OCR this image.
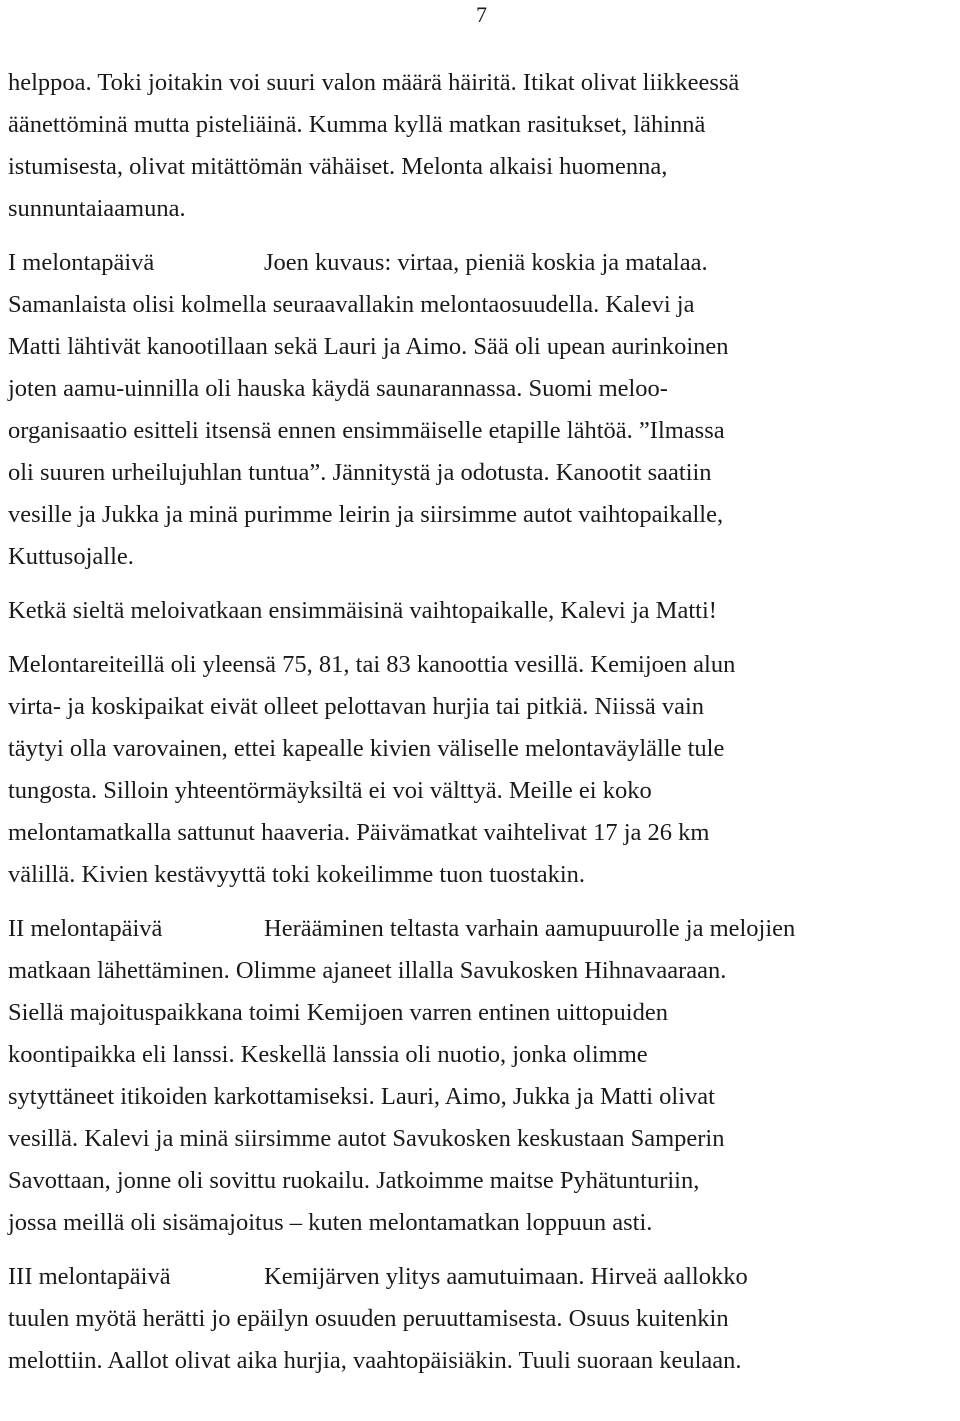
7
helppoa. Toki joitakin voi suuri valon määrä häiritä. Itikat olivat liikkeessä
äänettöminä mutta pisteliäinä. Kumma kyllä matkan rasitukset, lähinnä
istumisesta, olivat mitättömän vähäiset. Melonta alkaisi huomenna,
sunnuntaiaamuna.
I melontapäivä	Joen kuvaus: virtaa, pieniä koskia ja matalaa.
Samanlaista olisi kolmella seuraavallakin melontaosuudella. Kalevi ja
Matti lähtivät kanootillaan sekä Lauri ja Aimo. Sää oli upean aurinkoinen
joten aamu-uinnilla oli hauska käydä saunarannassa. Suomi meloo-
organisaatio esitteli itsensä ennen ensimmäiselle etapille lähtöä. ”Ilmassa
oli suuren urheilujuhlan tuntua”. Jännitystä ja odotusta. Kanootit saatiin
vesille ja Jukka ja minä purimme leirin ja siirsimme autot vaihtopaikalle,
Kuttusojalle.
Ketkä sieltä meloivatkaan ensimmäisinä vaihtopaikalle, Kalevi ja Matti!
Melontareiteillä oli yleensä 75, 81, tai 83 kanoottia vesillä. Kemijoen alun
virta- ja koskipaikat eivät olleet pelottavan hurjia tai pitkiä. Niissä vain
täytyi olla varovainen, ettei kapealle kivien väliselle melontaväylälle tule
tungosta. Silloin yhteentörmäyksiltä ei voi välttyä. Meille ei koko
melontamatkalla sattunut haaveria. Päivämatkat vaihtelivat 17 ja 26 km
välillä. Kivien kestävyyttä toki kokeilimme tuon tuostakin.
II melontapäivä	Herääminen teltasta varhain aamupuurolle ja melojien
matkaan lähettäminen. Olimme ajaneet illalla Savukosken Hihnavaaraan.
Siellä majoituspaikkana toimi Kemijoen varren entinen uittopuiden
koontipaikka eli lanssi. Keskellä lanssia oli nuotio, jonka olimme
sytyttäneet itikoiden karkottamiseksi. Lauri, Aimo, Jukka ja Matti olivat
vesillä. Kalevi ja minä siirsimme autot Savukosken keskustaan Samperin
Savottaan, jonne oli sovittu ruokailu. Jatkoimme maitse Pyhätunturiin,
jossa meillä oli sisämajoitus – kuten melontamatkan loppuun asti.
III melontapäivä	Kemijärven ylitys aamutuimaan. Hirveä aallokko
tuulen myötä herätti jo epäilyn osuuden peruuttamisesta. Osuus kuitenkin
melottiin. Aallot olivat aika hurjia, vaahtopäisiäkin. Tuuli suoraan keulaan.
